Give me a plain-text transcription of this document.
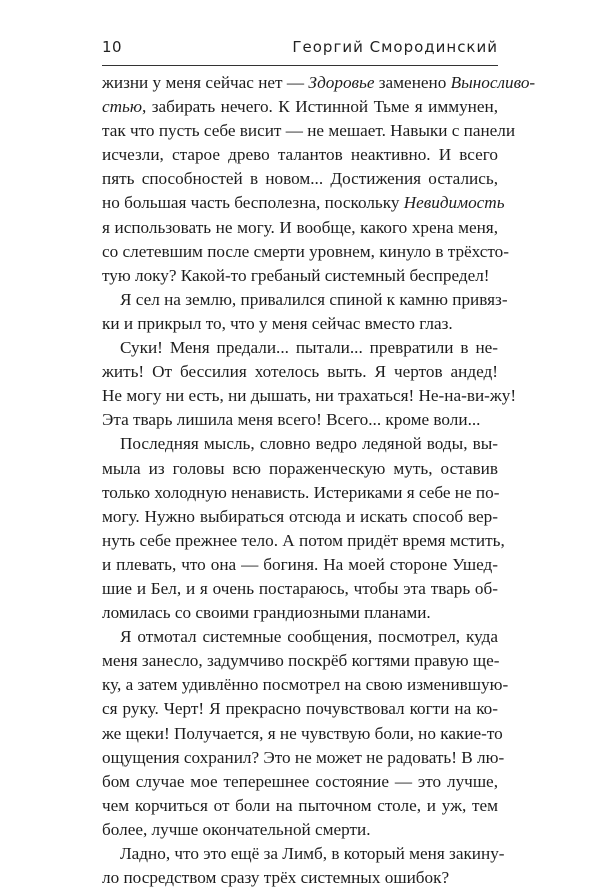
10	Георгий Смородинский
жизни у меня сейчас нет — Здоровье заменено Выносливо-
стью, забирать нечего. К Истинной Тьме я иммунен,
так что пусть себе висит — не мешает. Навыки с панели
исчезли, старое древо талантов неактивно. И всего
пять способностей в новом... Достижения остались,
но большая часть бесполезна, поскольку Невидимость
я использовать не могу. И вообще, какого хрена меня,
со слетевшим после смерти уровнем, кинуло в трёхсто-
тую локу? Какой-то гребаный системный беспредел!
Я сел на землю, привалился спиной к камню привяз-
ки и прикрыл то, что у меня сейчас вместо глаз.
Суки! Меня предали... пытали... превратили в не-
жить! От бессилия хотелось выть. Я чертов андед!
Не могу ни есть, ни дышать, ни трахаться! Не-на-ви-жу!
Эта тварь лишила меня всего! Всего... кроме воли...
Последняя мысль, словно ведро ледяной воды, вы-
мыла из головы всю пораженческую муть, оставив
только холодную ненависть. Истериками я себе не по-
могу. Нужно выбираться отсюда и искать способ вер-
нуть себе прежнее тело. А потом придёт время мстить,
и плевать, что она — богиня. На моей стороне Ушед-
шие и Бел, и я очень постараюсь, чтобы эта тварь об-
ломилась со своими грандиозными планами.
Я отмотал системные сообщения, посмотрел, куда
меня занесло, задумчиво поскрёб когтями правую ще-
ку, а затем удивлённо посмотрел на свою изменившую-
ся руку. Черт! Я прекрасно почувствовал когти на ко-
же щеки! Получается, я не чувствую боли, но какие-то
ощущения сохранил? Это не может не радовать! В лю-
бом случае мое теперешнее состояние — это лучше,
чем корчиться от боли на пыточном столе, и уж, тем
более, лучше окончательной смерти.
Ладно, что это ещё за Лимб, в который меня закину-
ло посредством сразу трёх системных ошибок?
